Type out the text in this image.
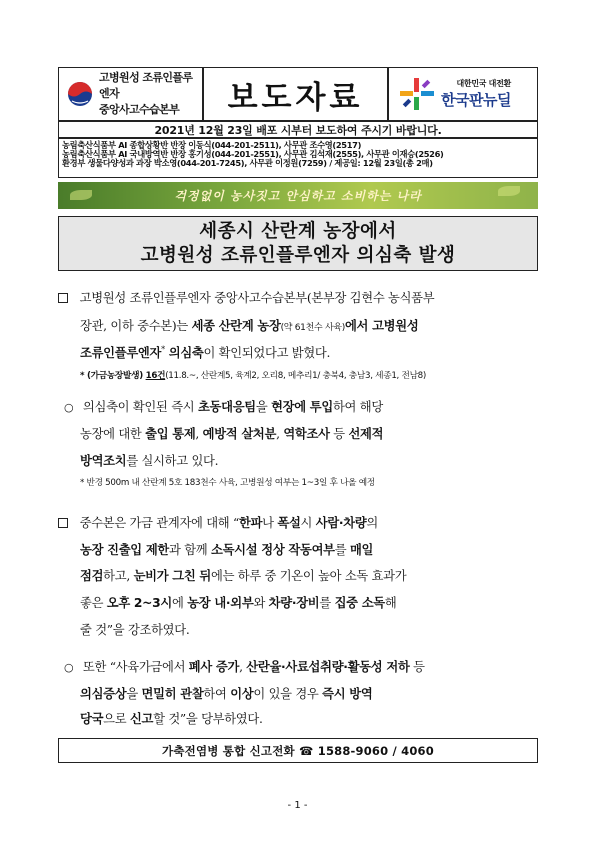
고병원성 조류인플루엔자
중앙사고수습본부	보도자료	대한민국 대전환
한국판뉴딜
2021년 12월 23일 배포 시부터 보도하여 주시기 바랍니다.
농림축산식품부 AI 종합상황반 반장 이동식(044-201-2511), 사무관 조수영(2517)
농림축산식품부 AI 국내방역반 반장 홍기성(044-201-2551), 사무관 김석재(2555), 사무관 이재승(2526)
환경부 생물다양성과 과장 박소영(044-201-7245), 사무관 이정원(7259) / 제공일: 12월 23일(총 2매)
걱정없이 농사짓고 안심하고 소비하는 나라
세종시 산란계 농장에서
고병원성 조류인플루엔자 의심축 발생
고병원성 조류인플루엔자 중앙사고수습본부(본부장 김현수 농식품부
장관, 이하 중수본)는 세종 산란계 농장(약 61천수 사육)에서 고병원성
조류인플루엔자* 의심축이 확인되었다고 밝혔다.
* (가금농장발생) 16건(11.8.~, 산란계5, 육계2, 오리8, 메추리1/ 충북4, 충남3, 세종1, 전남8)
○ 의심축이 확인된 즉시 초동대응팀을 현장에 투입하여 해당
농장에 대한 출입 통제, 예방적 살처분, 역학조사 등 선제적
방역조치를 실시하고 있다.
* 반경 500m 내 산란계 5호 183천수 사육, 고병원성 여부는 1~3일 후 나올 예정
중수본은 가금 관계자에 대해 “한파나 폭설시 사람·차량의
농장 진출입 제한과 함께 소독시설 정상 작동여부를 매일
점검하고, 눈비가 그친 뒤에는 하루 중 기온이 높아 소독 효과가
좋은 오후 2~3시에 농장 내·외부와 차량·장비를 집중 소독해
줄 것”을 강조하였다.
○ 또한 “사육가금에서 폐사 증가, 산란율·사료섭취량·활동성 저하 등
의심증상을 면밀히 관찰하여 이상이 있을 경우 즉시 방역
당국으로 신고할 것”을 당부하였다.
가축전염병 통합 신고전화 ☎ 1588-9060 / 4060
- 1 -
